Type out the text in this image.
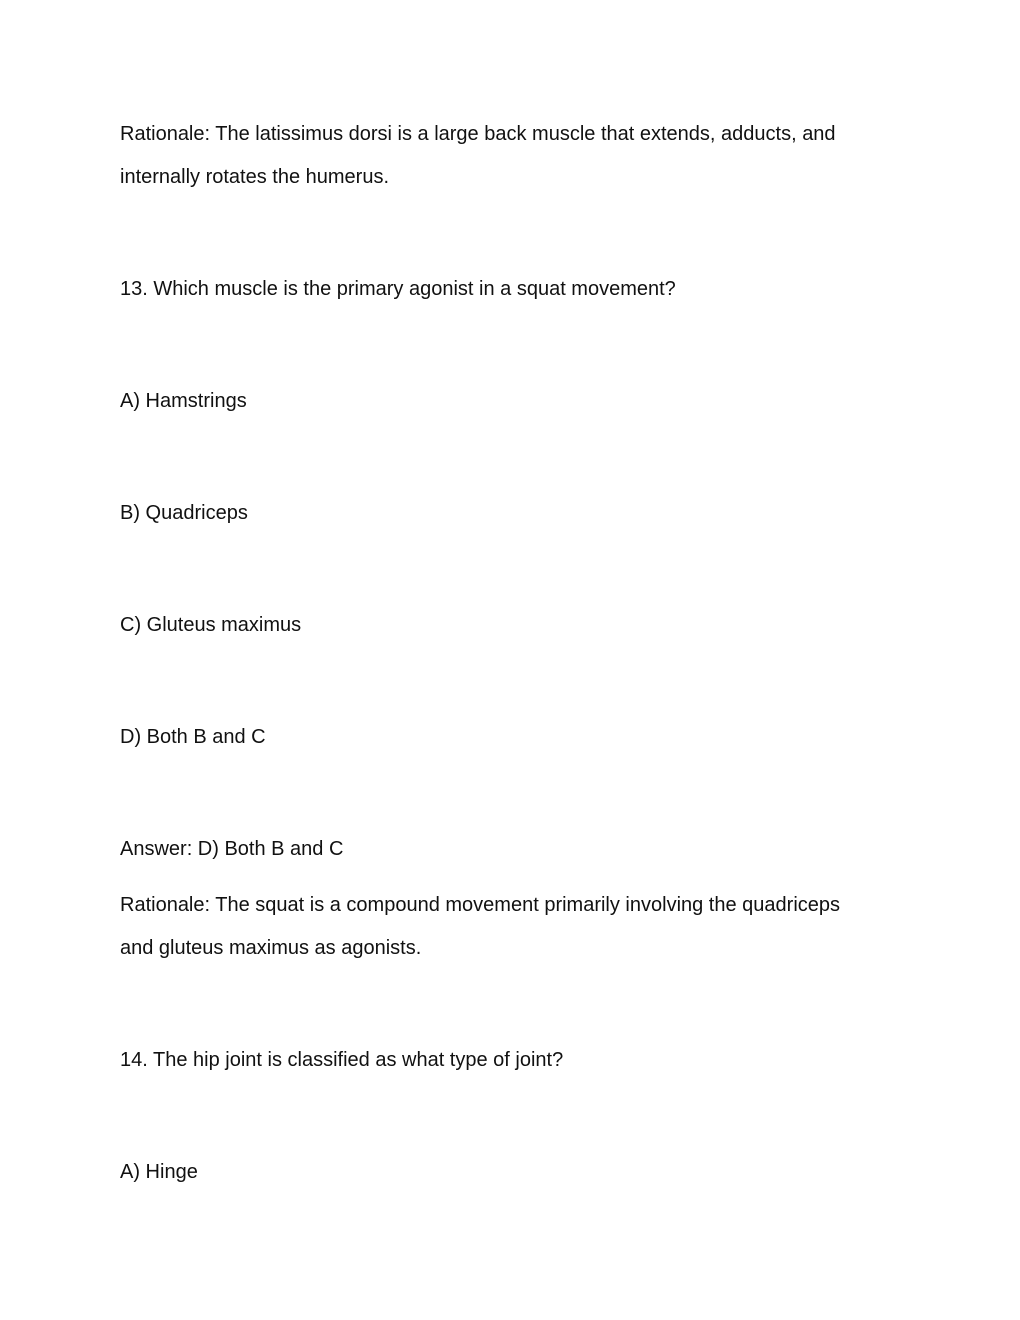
Rationale: The latissimus dorsi is a large back muscle that extends, adducts, and
internally rotates the humerus.
13. Which muscle is the primary agonist in a squat movement?
A) Hamstrings
B) Quadriceps
C) Gluteus maximus
D) Both B and C
Answer: D) Both B and C
Rationale: The squat is a compound movement primarily involving the quadriceps
and gluteus maximus as agonists.
14. The hip joint is classified as what type of joint?
A) Hinge
